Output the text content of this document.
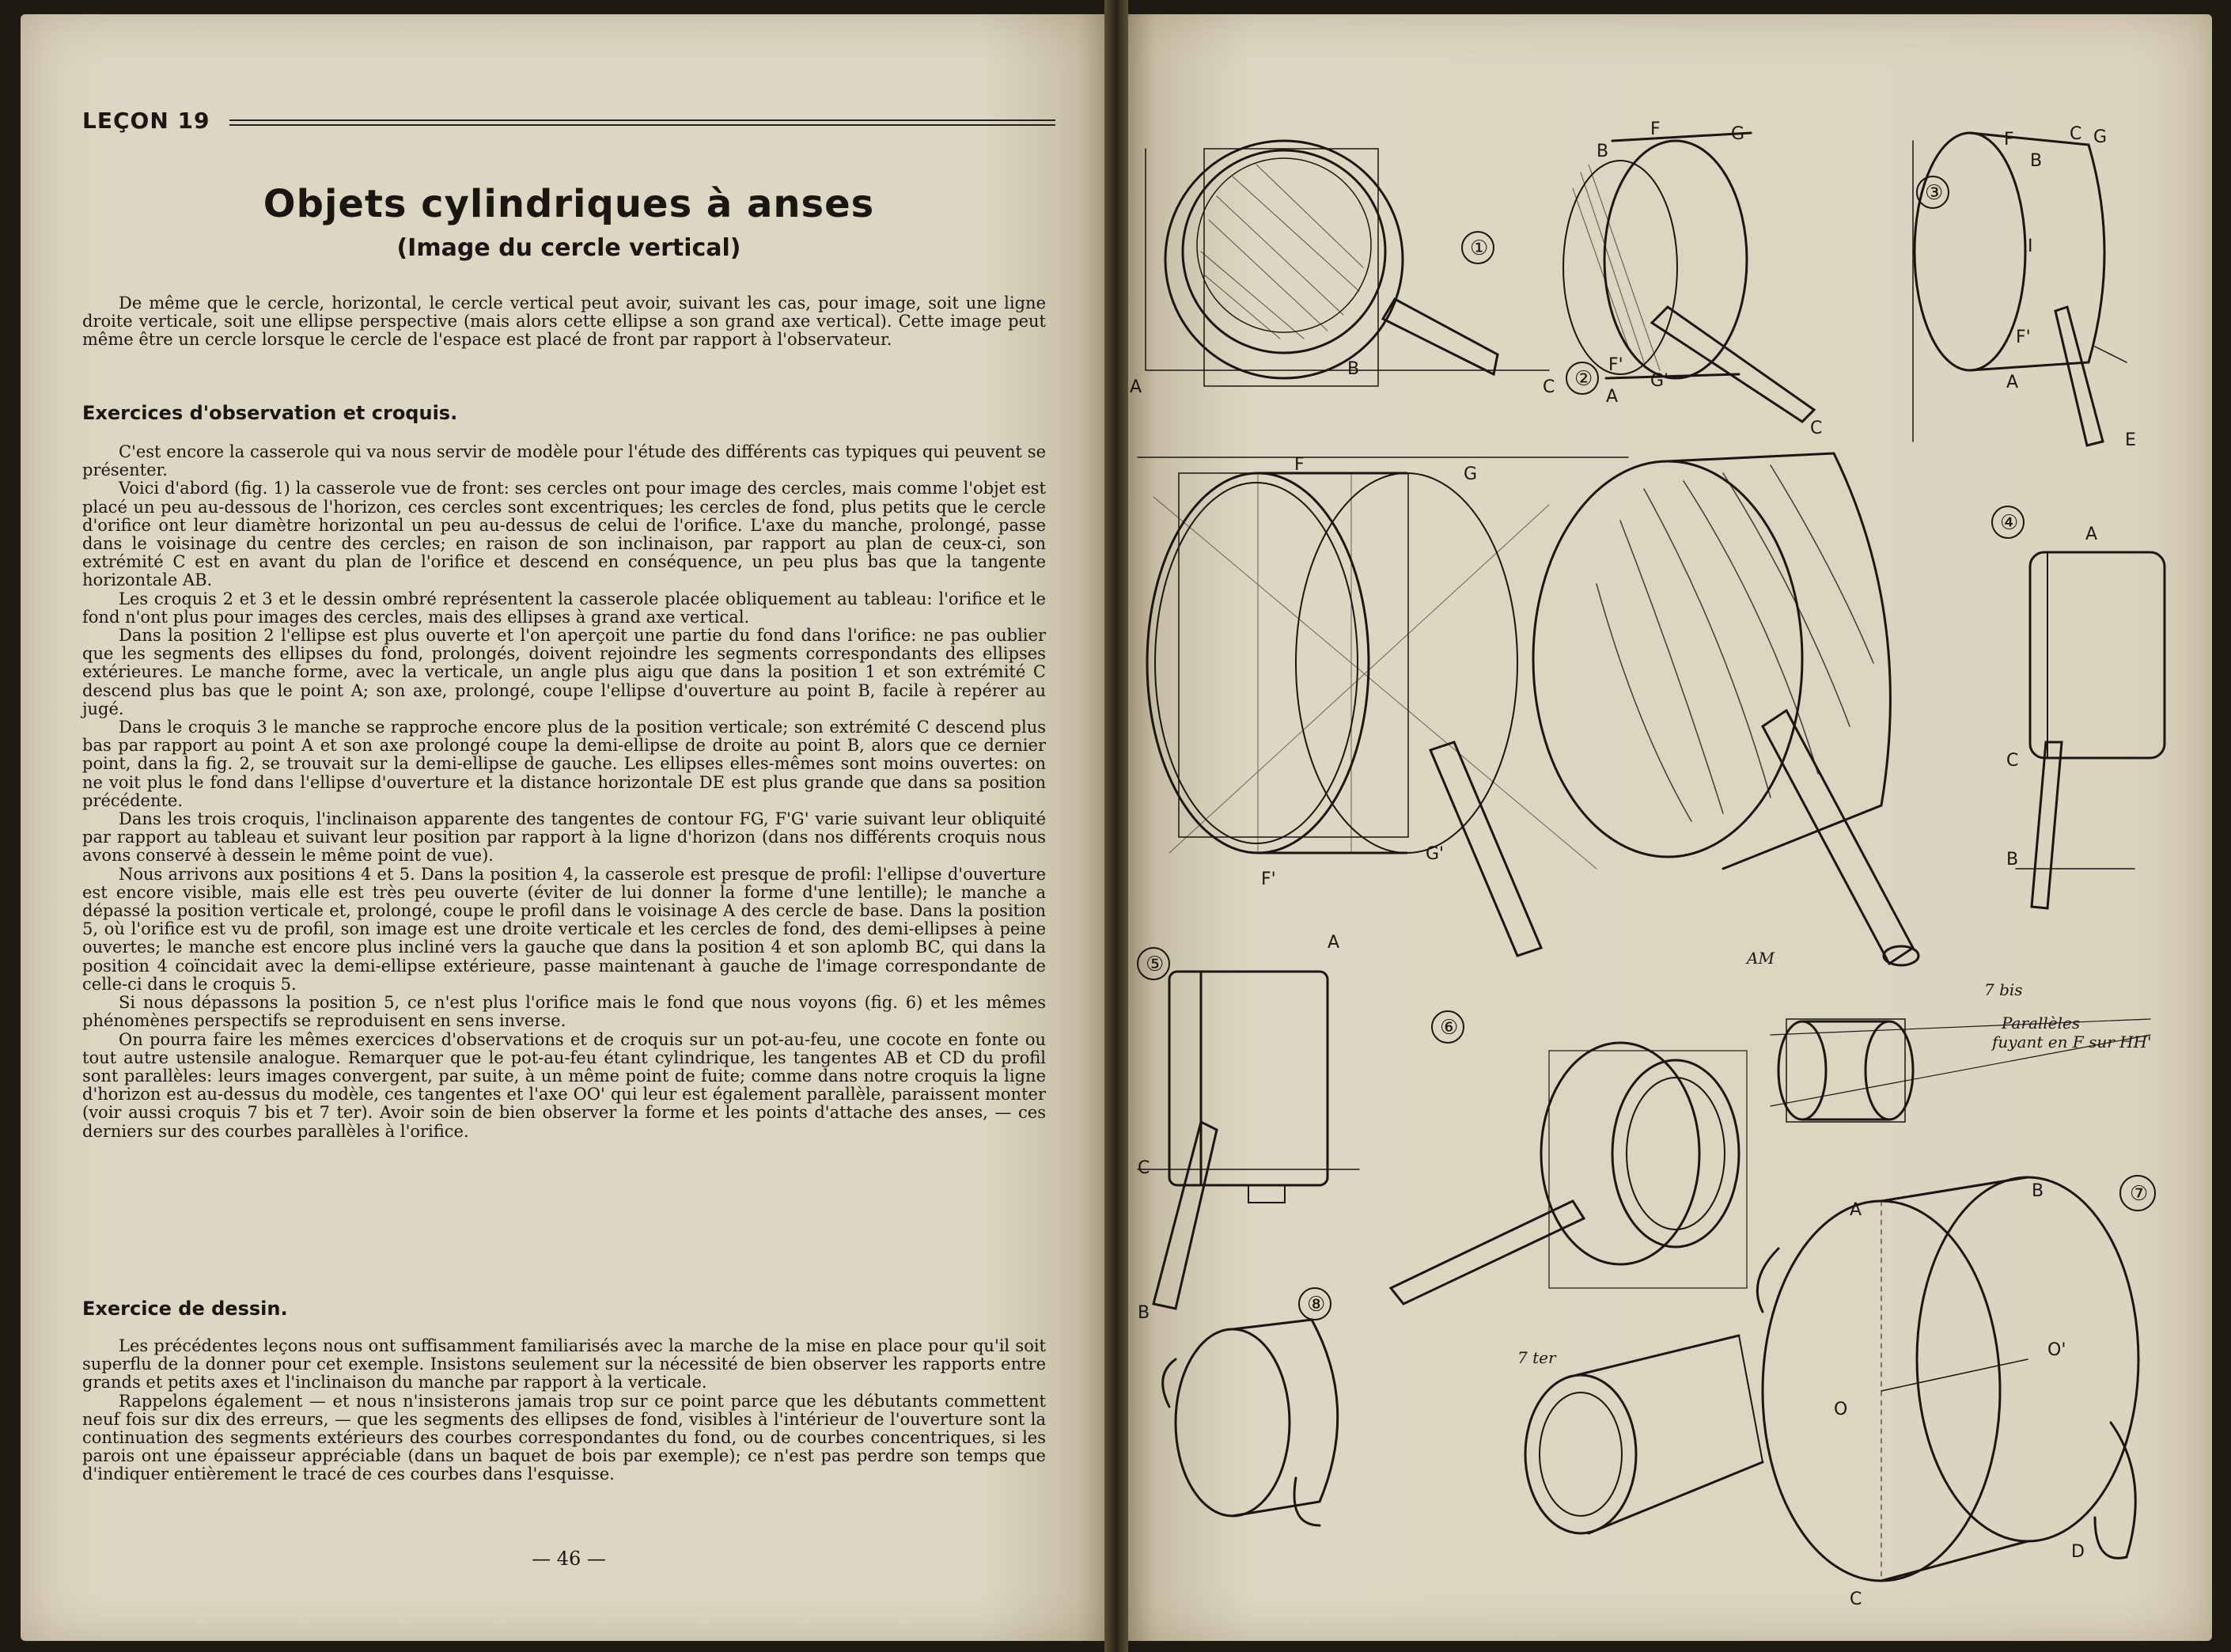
LEÇON 19
Objets cylindriques à anses
(Image du cercle vertical)

De même que le cercle, horizontal, le cercle vertical peut avoir, suivant les cas, pour image, soit une ligne droite verticale, soit une ellipse perspective (mais alors cette ellipse a son grand axe vertical). Cette image peut même être un cercle lorsque le cercle de l'espace est placé de front par rapport à l'observateur.

Exercices d'observation et croquis.

C'est encore la casserole qui va nous servir de modèle pour l'étude des différents cas typiques qui peuvent se présenter.

Voici d'abord (fig. 1) la casserole vue de front: ses cercles ont pour image des cercles, mais comme l'objet est placé un peu au-dessous de l'horizon, ces cercles sont excentriques; les cercles de fond, plus petits que le cercle d'orifice ont leur diamètre horizontal un peu au-dessus de celui de l'orifice. L'axe du manche, prolongé, passe dans le voisinage du centre des cercles; en raison de son inclinaison, par rapport au plan de ceux-ci, son extrémité C est en avant du plan de l'orifice et descend en conséquence, un peu plus bas que la tangente horizontale AB.

Les croquis 2 et 3 et le dessin ombré représentent la casserole placée obliquement au tableau: l'orifice et le fond n'ont plus pour images des cercles, mais des ellipses à grand axe vertical.

Dans la position 2 l'ellipse est plus ouverte et l'on aperçoit une partie du fond dans l'orifice: ne pas oublier que les segments des ellipses du fond, prolongés, doivent rejoindre les segments correspondants des ellipses extérieures. Le manche forme, avec la verticale, un angle plus aigu que dans la position 1 et son extrémité C descend plus bas que le point A; son axe, prolongé, coupe l'ellipse d'ouverture au point B, facile à repérer au jugé.

Dans le croquis 3 le manche se rapproche encore plus de la position verticale; son extrémité C descend plus bas par rapport au point A et son axe prolongé coupe la demi-ellipse de droite au point B, alors que ce dernier point, dans la fig. 2, se trouvait sur la demi-ellipse de gauche. Les ellipses elles-mêmes sont moins ouvertes: on ne voit plus le fond dans l'ellipse d'ouverture et la distance horizontale DE est plus grande que dans sa position précédente.

Dans les trois croquis, l'inclinaison apparente des tangentes de contour FG, F'G' varie suivant leur obliquité par rapport au tableau et suivant leur position par rapport à la ligne d'horizon (dans nos différents croquis nous avons conservé à dessein le même point de vue).

Nous arrivons aux positions 4 et 5. Dans la position 4, la casserole est presque de profil: l'ellipse d'ouverture est encore visible, mais elle est très peu ouverte (éviter de lui donner la forme d'une lentille); le manche a dépassé la position verticale et, prolongé, coupe le profil dans le voisinage A des cercle de base. Dans la position 5, où l'orifice est vu de profil, son image est une droite verticale et les cercles de fond, des demi-ellipses à peine ouvertes; le manche est encore plus incliné vers la gauche que dans la position 4 et son aplomb BC, qui dans la position 4 coïncidait avec la demi-ellipse extérieure, passe maintenant à gauche de l'image correspondante de celle-ci dans le croquis 5.

Si nous dépassons la position 5, ce n'est plus l'orifice mais le fond que nous voyons (fig. 6) et les mêmes phénomènes perspectifs se reproduisent en sens inverse.

On pourra faire les mêmes exercices d'observations et de croquis sur un pot-au-feu, une cocote en fonte ou tout autre ustensile analogue. Remarquer que le pot-au-feu étant cylindrique, les tangentes AB et CD du profil sont parallèles: leurs images convergent, par suite, à un même point de fuite; comme dans notre croquis la ligne d'horizon est au-dessus du modèle, ces tangentes et l'axe OO' qui leur est également parallèle, paraissent monter (voir aussi croquis 7 bis et 7 ter). Avoir soin de bien observer la forme et les points d'attache des anses, — ces derniers sur des courbes parallèles à l'orifice.

Exercice de dessin.

Les précédentes leçons nous ont suffisamment familiarisés avec la marche de la mise en place pour qu'il soit superflu de la donner pour cet exemple. Insistons seulement sur la nécessité de bien observer les rapports entre grands et petits axes et l'inclinaison du manche par rapport à la verticale.

Rappelons également — et nous n'insisterons jamais trop sur ce point parce que les débutants commettent neuf fois sur dix des erreurs, — que les segments des ellipses de fond, visibles à l'intérieur de l'ouverture sont la continuation des segments extérieurs des courbes correspondantes du fond, ou de courbes concentriques, si les parois ont une épaisseur appréciable (dans un baquet de bois par exemple); ce n'est pas perdre son temps que d'indiquer entièrement le tracé de ces courbes dans l'esquisse.

— 46 —
①
A
B
C
B
F	G
F'
G'
A
C
②
③
F
B
C G
I
F'
A
E
F	G
F'
G'
AM
④	A
C
B
⑤
A
C
B
⑥
7 bis
Parallèles
fuyant en F sur HH'
⑦
A
B
C
D
O'
O
⑧
7 ter
